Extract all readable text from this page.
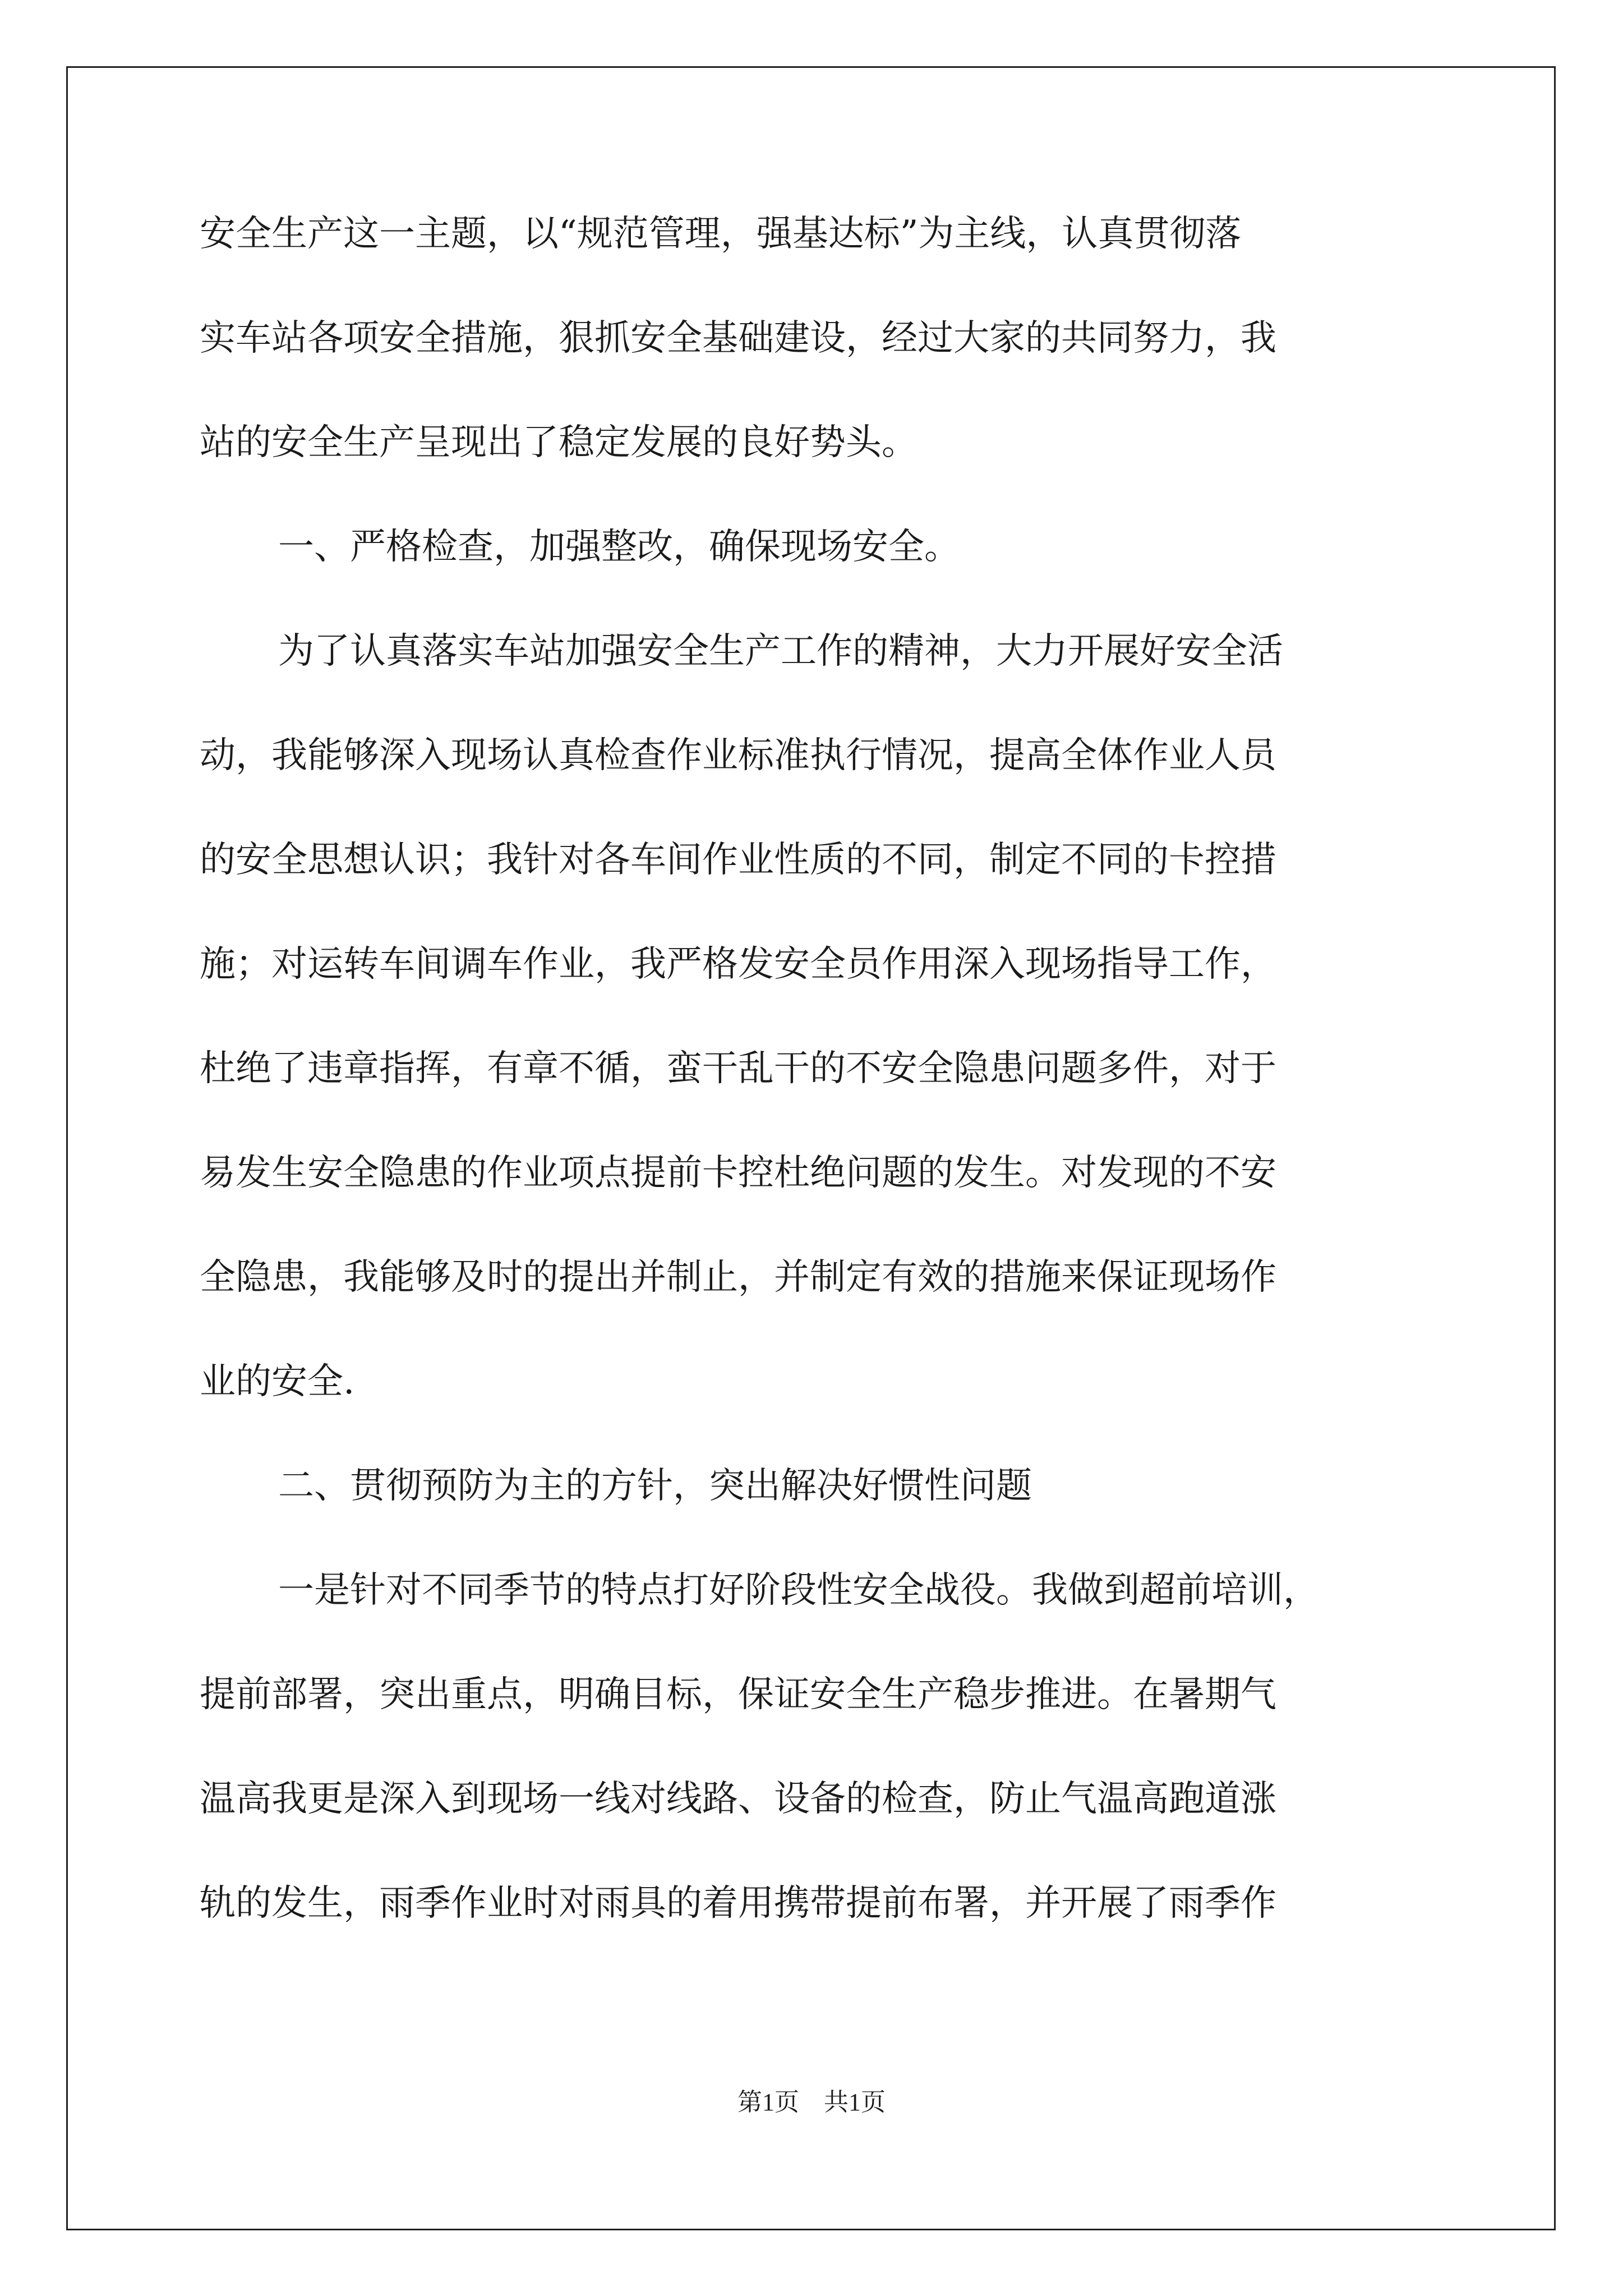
安全生产这一主题，以“规范管理，强基达标”为主线，认真贯彻落
实车站各项安全措施，狠抓安全基础建设，经过大家的共同努力，我
站的安全生产呈现出了稳定发展的良好势头。
一、严格检查，加强整改，确保现场安全。
为了认真落实车站加强安全生产工作的精神，大力开展好安全活
动，我能够深入现场认真检查作业标准执行情况，提高全体作业人员
的安全思想认识；我针对各车间作业性质的不同，制定不同的卡控措
施；对运转车间调车作业，我严格发安全员作用深入现场指导工作，
杜绝了违章指挥，有章不循，蛮干乱干的不安全隐患问题多件，对于
易发生安全隐患的作业项点提前卡控杜绝问题的发生。对发现的不安
全隐患，我能够及时的提出并制止，并制定有效的措施来保证现场作
业的安全.
二、贯彻预防为主的方针，突出解决好惯性问题
一是针对不同季节的特点打好阶段性安全战役。我做到超前培训，
提前部署，突出重点，明确目标，保证安全生产稳步推进。在暑期气
温高我更是深入到现场一线对线路、设备的检查，防止气温高跑道涨
轨的发生，雨季作业时对雨具的着用携带提前布署，并开展了雨季作
第1页　共1页
